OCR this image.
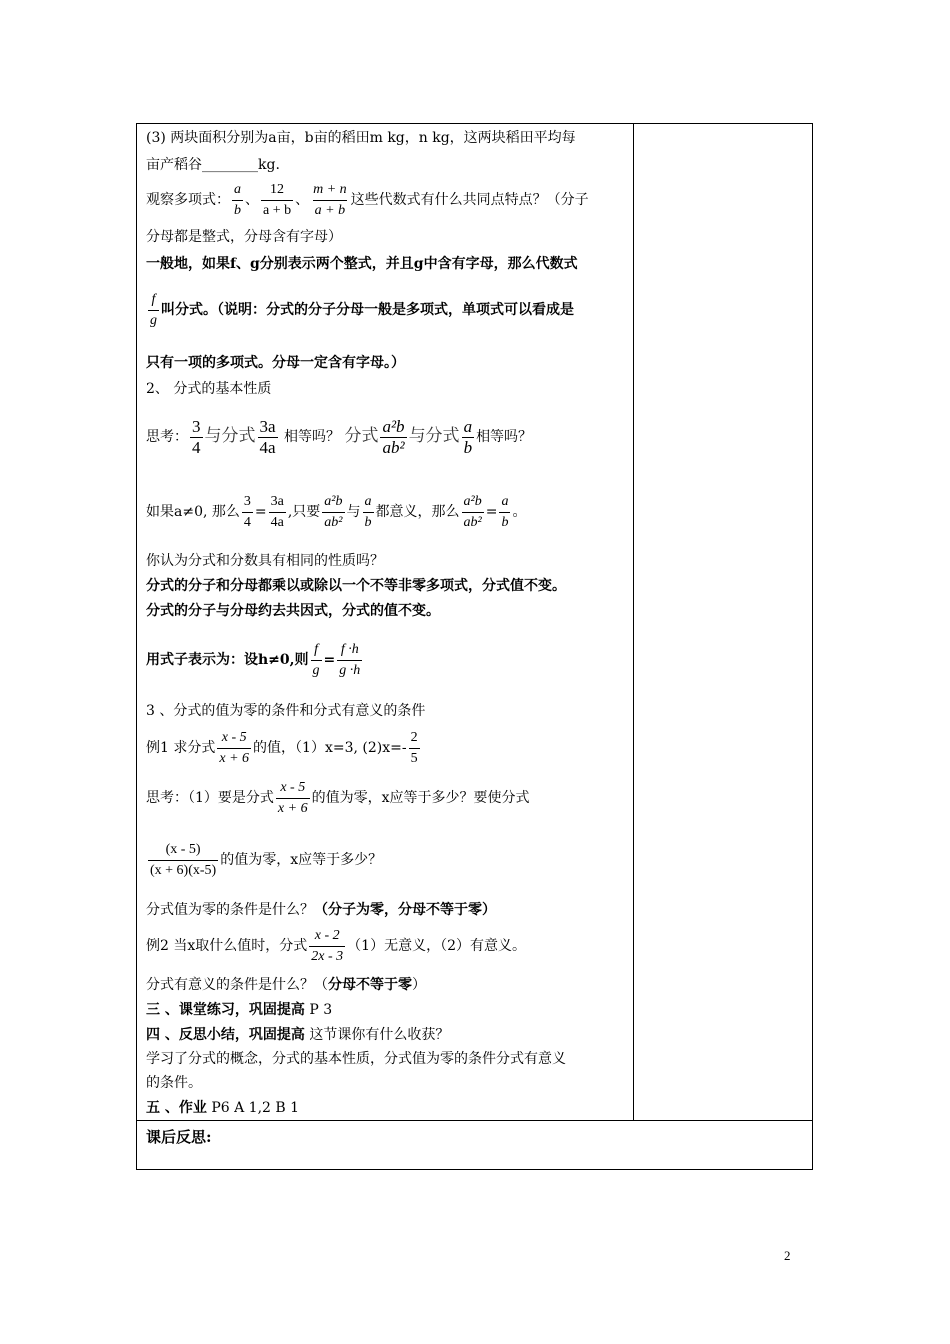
(3) 两块面积分别为a亩，b亩的稻田m kg，n kg，这两块稻田平均每
亩产稻谷________kg.
观察多项式： $\frac{a}{b}$ 、 $\frac{12}{a + b}$ 、 $\frac{m + n}{a + b}$ 这些代数式有什么共同点特点？（分子
分母都是整式，分母含有字母）
一般地，如果f、g分别表示两个整式，并且g中含有字母，那么代数式
$\frac{f}{g}$ 叫分式。（说明：分式的分子分母一般是多项式，单项式可以看成是
只有一项的多项式。分母一定含有字母。）
2、 分式的基本性质
思考： $\frac{3}{4}$ 与分式 $\frac{3a}{4a}$ 相等吗？ 分式 $\frac{\text{a²b}}{\text{ab²}}$ 与分式 $\frac{a}{b}$ 相等吗？
如果a≠0, 那么 $\frac{3}{4} = \frac{3a}{4a}$ ,只要 $\frac{\text{a²b}}{\text{ab²}}$ 与 $\frac{a}{b}$ 都意义，那么 $\frac{\text{a²b}}{\text{ab²}} = \frac{a}{b}$ 。
你认为分式和分数具有相同的性质吗？
分式的分子和分母都乘以或除以一个不等非零多项式，分式值不变。
分式的分子与分母约去共因式，分式的值不变。
用式子表示为：设h≠0,则 $\frac{f}{g} = \frac{f \cdot h}{g \cdot h}$
3 、分式的值为零的条件和分式有意义的条件
例1 求分式 $\frac{x - 5}{x + 6}$ 的值，（1）x=3, $(2)x=- \frac{2}{5}$
思考：（1）要是分式 $\frac{x - 5}{x + 6}$ 的值为零，x应等于多少？要使分式
$\frac{(x - 5)}{(x + 6)(x-5)}$ 的值为零，x应等于多少？
分式值为零的条件是什么？（分子为零，分母不等于零）
例2 当x取什么值时，分式 $\frac{x - 2}{2x - 3} (1)$无意义，（2）有意义。
分式有意义的条件是什么？（分母不等于零）
三 、课堂练习，巩固提高 P 3
四 、反思小结，巩固提高 这节课你有什么收获？
学习了分式的概念，分式的基本性质，分式值为零的条件分式有意义
的条件。
五 、作业 P6 A 1,2 B 1
课后反思:
2
